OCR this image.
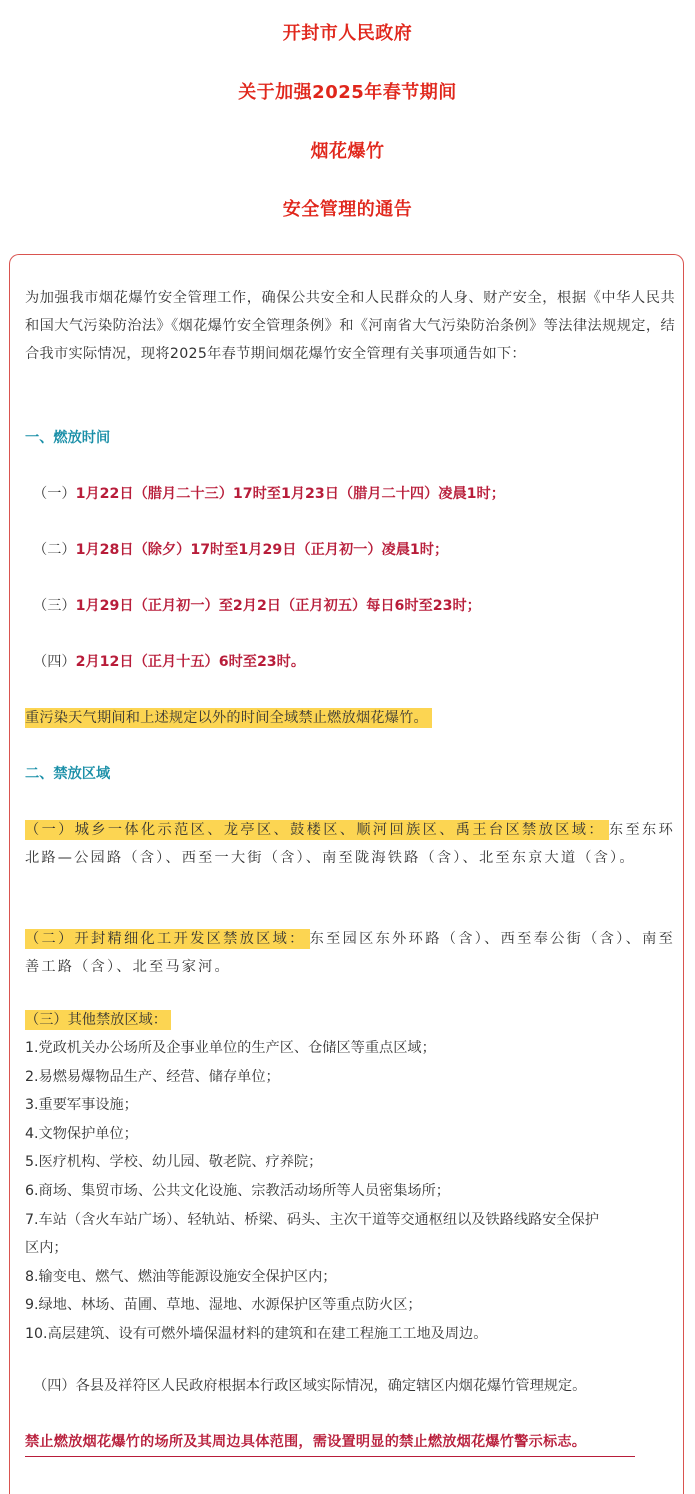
开封市人民政府
关于加强2025年春节期间
烟花爆竹
安全管理的通告

为加强我市烟花爆竹安全管理工作，确保公共安全和人民群众的人身、财产安全，根据《中华人民共和国大气污染防治法》《烟花爆竹安全管理条例》和《河南省大气污染防治条例》等法律法规规定，结合我市实际情况，现将2025年春节期间烟花爆竹安全管理有关事项通告如下：

一、燃放时间
（一）1月22日（腊月二十三）17时至1月23日（腊月二十四）凌晨1时；
（二）1月28日（除夕）17时至1月29日（正月初一）凌晨1时；
（三）1月29日（正月初一）至2月2日（正月初五）每日6时至23时；
（四）2月12日（正月十五）6时至23时。
重污染天气期间和上述规定以外的时间全域禁止燃放烟花爆竹。
二、禁放区域

（一）城乡一体化示范区、龙亭区、鼓楼区、顺河回族区、禹王台区禁放区域： 东至东环北路—公园路（含）、西至一大街（含）、南至陇海铁路（含）、北至东京大道（含）。

（二）开封精细化工开发区禁放区域： 东至园区东外环路（含）、西至奉公街（含）、南至善工路（含）、北至马家河。

（三）其他禁放区域：
1.党政机关办公场所及企事业单位的生产区、仓储区等重点区域；
2.易燃易爆物品生产、经营、储存单位；
3.重要军事设施；
4.文物保护单位；
5.医疗机构、学校、幼儿园、敬老院、疗养院；
6.商场、集贸市场、公共文化设施、宗教活动场所等人员密集场所；
7.车站（含火车站广场）、轻轨站、桥梁、码头、主次干道等交通枢纽以及铁路线路安全保护
区内；
8.输变电、燃气、燃油等能源设施安全保护区内；
9.绿地、林场、苗圃、草地、湿地、水源保护区等重点防火区；
10.高层建筑、设有可燃外墙保温材料的建筑和在建工程施工工地及周边。
（四）各县及祥符区人民政府根据本行政区域实际情况，确定辖区内烟花爆竹管理规定。
禁止燃放烟花爆竹的场所及其周边具体范围，需设置明显的禁止燃放烟花爆竹警示标志。
